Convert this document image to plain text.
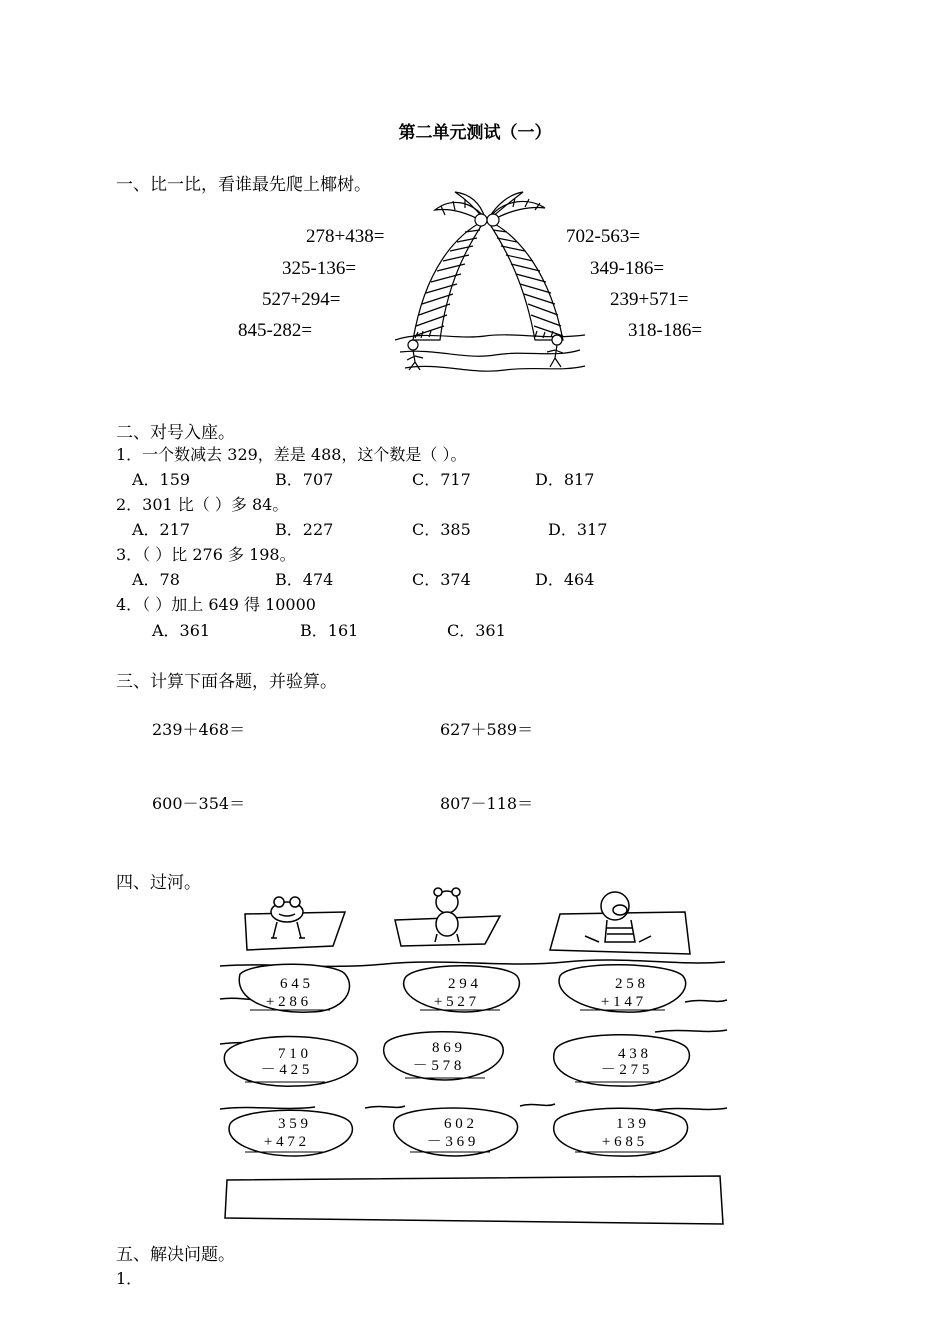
第二单元测试（一）
一、比一比，看谁最先爬上椰树。
278+438=
325-136=
527+294=
845-282=
702-563=
349-186=
239+571=
318-186=
二、对号入座。
1．一个数减去 329，差是 488，这个数是（ ）。
A．159	B．707	C．717	D．817
2．301 比（ ）多 84。
A．217	B．227	C．385	D．317
3．（ ）比 276 多 198。
A．78	B．474	C．374	D．464
4．（ ）加上 649 得 10000
A．361	B．161	C．361
三、计算下面各题，并验算。
239＋468＝	627＋589＝
600－354＝	807－118＝
四、过河。
6 4 5
+ 2 8 6
2 9 4
+ 5 2 7
2 5 8
+ 1 4 7
7 1 0
－ 4 2 5
8 6 9
－ 5 7 8
4 3 8
－ 2 7 5
3 5 9
+ 4 7 2
6 0 2
－ 3 6 9
1 3 9
+ 6 8 5
五、解决问题。
1．
